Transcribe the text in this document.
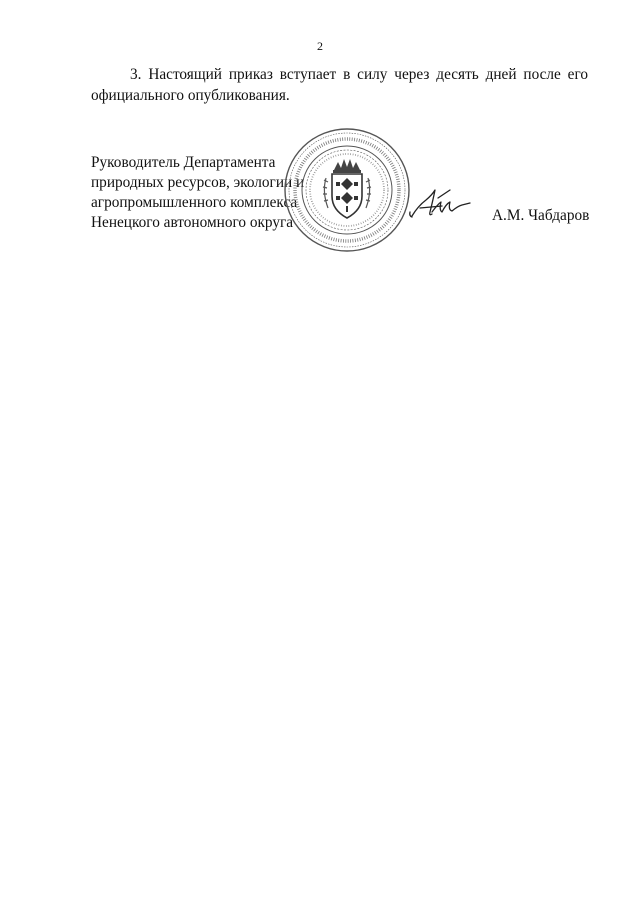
2

3. Настоящий приказ вступает в силу через десять дней после его официального опубликования.

Руководитель Департамента
природных ресурсов, экологии и
агропромышленного комплекса
Ненецкого автономного округа	А.М. Чабдаров
